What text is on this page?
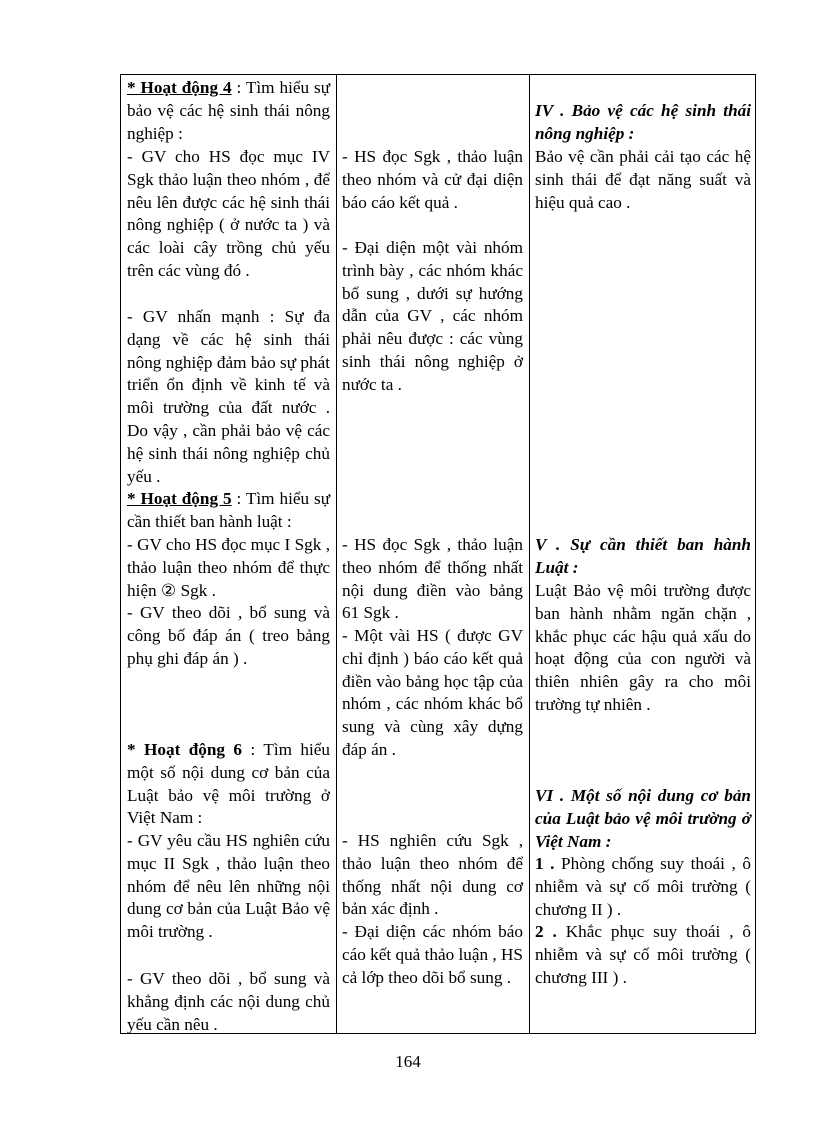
* Hoạt động 4 : Tìm hiểu sự bảo vệ các hệ sinh thái nông nghiệp :

- GV cho HS đọc mục IV Sgk thảo luận theo nhóm , để nêu lên được các hệ sinh thái nông nghiệp ( ở nước ta ) và các loài cây trồng chủ yếu trên các vùng đó .
- GV nhấn mạnh : Sự đa dạng về các hệ sinh thái nông nghiệp đảm bảo sự phát triển ổn định về kinh tế và môi trường của đất nước . Do vậy , cần phải bảo vệ các hệ sinh thái nông nghiệp chủ yếu .

* Hoạt động 5 : Tìm hiểu sự cần thiết ban hành luật :

- GV cho HS đọc mục I Sgk , thảo luận theo nhóm để thực hiện ② Sgk .
- GV theo dõi , bổ sung và công bố đáp án ( treo bảng phụ ghi đáp án ) .

* Hoạt động 6 : Tìm hiểu một số nội dung cơ bản của Luật bảo vệ môi trường ở Việt Nam :

- GV yêu cầu HS nghiên cứu mục II Sgk , thảo luận theo nhóm để nêu lên những nội dung cơ bản của Luật Bảo vệ môi trường .
- GV theo dõi , bổ sung và khẳng định các nội dung chủ yếu cần nêu .
- HS đọc Sgk , thảo luận theo nhóm và cử đại diện báo cáo kết quả .
- Đại diện một vài nhóm trình bày , các nhóm khác bổ sung , dưới sự hướng dẫn của GV , các nhóm phải nêu được : các vùng sinh thái nông nghiệp ở nước ta .
- HS đọc Sgk , thảo luận theo nhóm để thống nhất nội dung điền vào bảng 61 Sgk .
- Một vài HS ( được GV chỉ định ) báo cáo kết quả điền vào bảng học tập của nhóm , các nhóm khác bổ sung và cùng xây dựng đáp án .
- HS nghiên cứu Sgk , thảo luận theo nhóm để thống nhất nội dung cơ bản xác định .
- Đại diện các nhóm báo cáo kết quả thảo luận , HS cả lớp theo dõi bổ sung .
IV . Bảo vệ các hệ sinh thái nông nghiệp :
Bảo vệ cần phải cải tạo các hệ sinh thái để đạt năng suất và hiệu quả cao .
V . Sự cần thiết ban hành Luật :
Luật Bảo vệ môi trường được ban hành nhằm ngăn chặn , khắc phục các hậu quả xấu do hoạt động của con người và thiên nhiên gây ra cho môi trường tự nhiên .
VI . Một số nội dung cơ bản của Luật bảo vệ môi trường ở Việt Nam :

1 . Phòng chống suy thoái , ô nhiễm và sự cố môi trường ( chương II ) .

2 . Khắc phục suy thoái , ô nhiễm và sự cố môi trường ( chương III ) .

164
